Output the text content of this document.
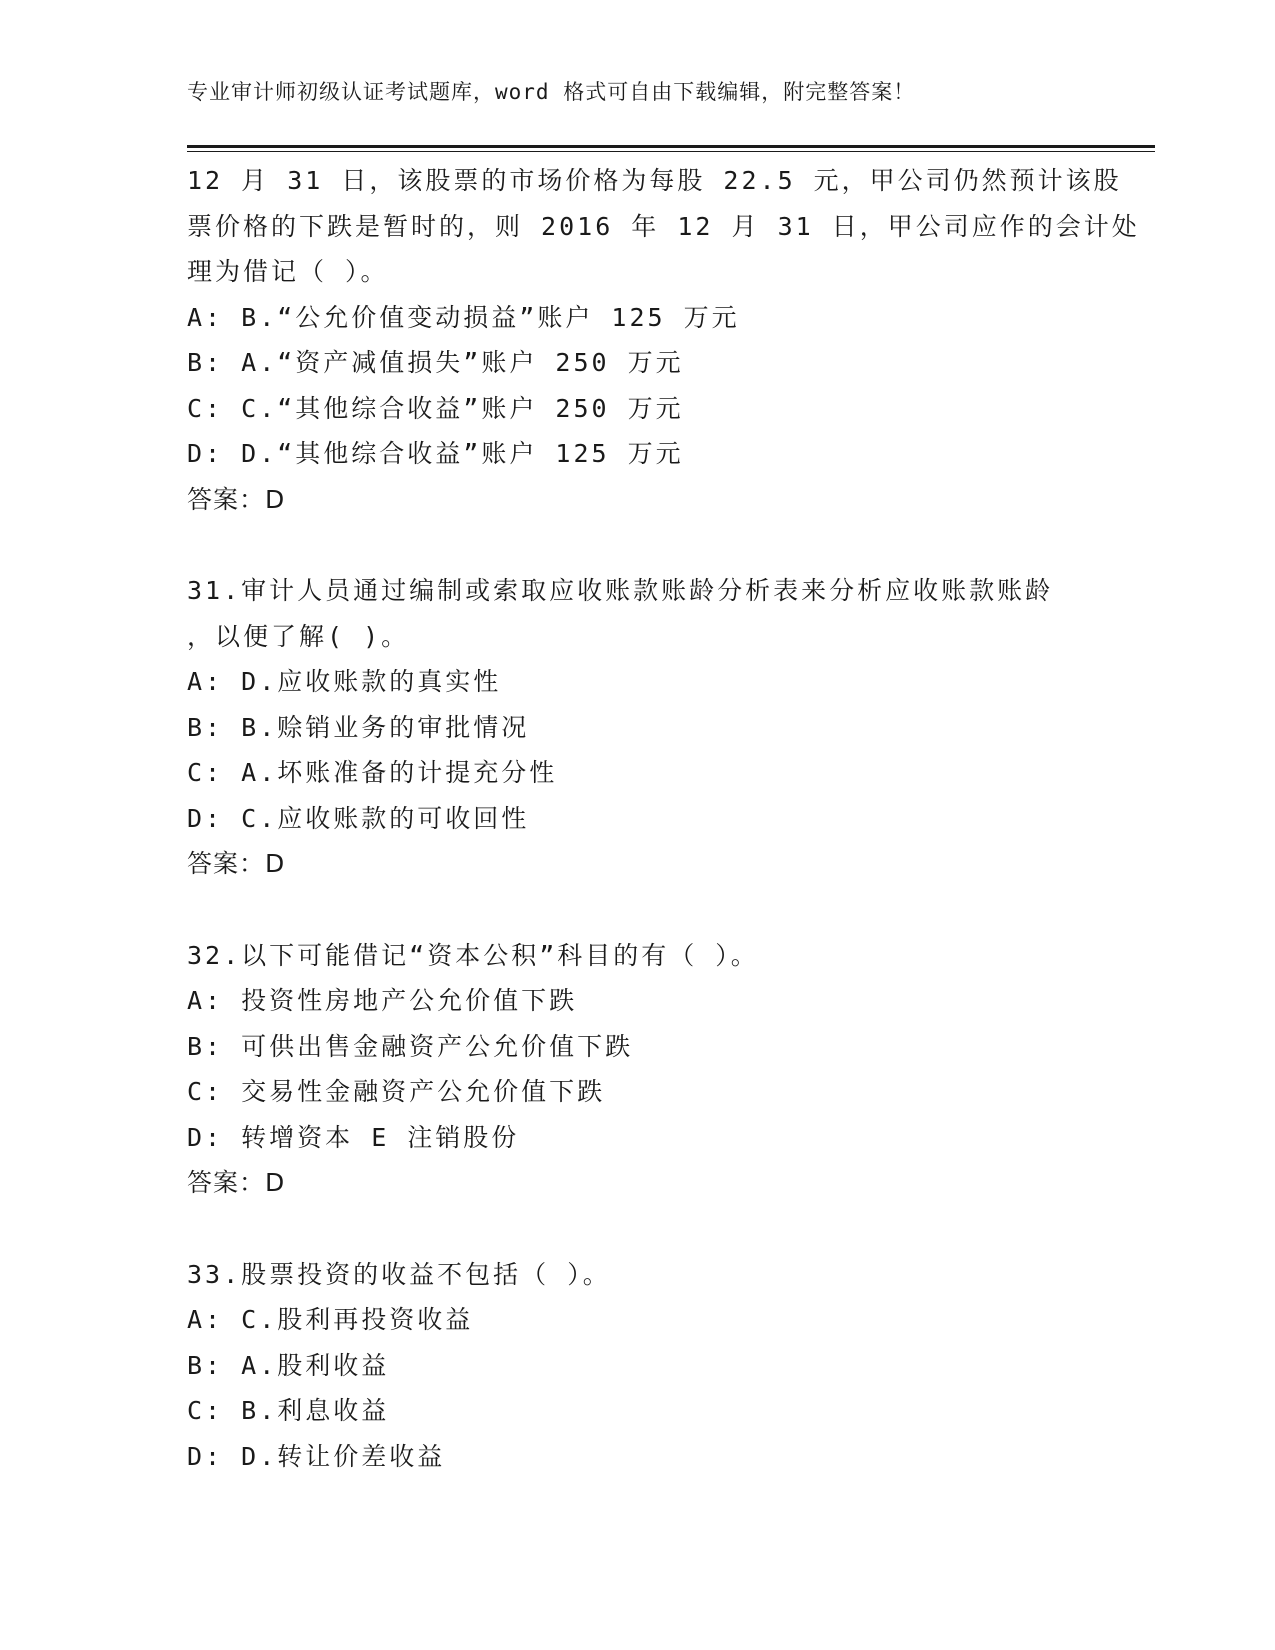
专业审计师初级认证考试题库，word 格式可自由下载编辑，附完整答案！
12 月 31 日，该股票的市场价格为每股 22.5 元，甲公司仍然预计该股
票价格的下跌是暂时的，则 2016 年 12 月 31 日，甲公司应作的会计处
理为借记（ ）。
A: B.“公允价值变动损益”账户 125 万元
B: A.“资产减值损失”账户 250 万元
C: C.“其他综合收益”账户 250 万元
D: D.“其他综合收益”账户 125 万元
答案：D
31.审计人员通过编制或索取应收账款账龄分析表来分析应收账款账龄
，以便了解( )。
A: D.应收账款的真实性
B: B.赊销业务的审批情况
C: A.坏账准备的计提充分性
D: C.应收账款的可收回性
答案：D
32.以下可能借记“资本公积”科目的有（ ）。
A: 投资性房地产公允价值下跌
B: 可供出售金融资产公允价值下跌
C: 交易性金融资产公允价值下跌
D: 转增资本 E 注销股份
答案：D
33.股票投资的收益不包括（ ）。
A: C.股利再投资收益
B: A.股利收益
C: B.利息收益
D: D.转让价差收益
